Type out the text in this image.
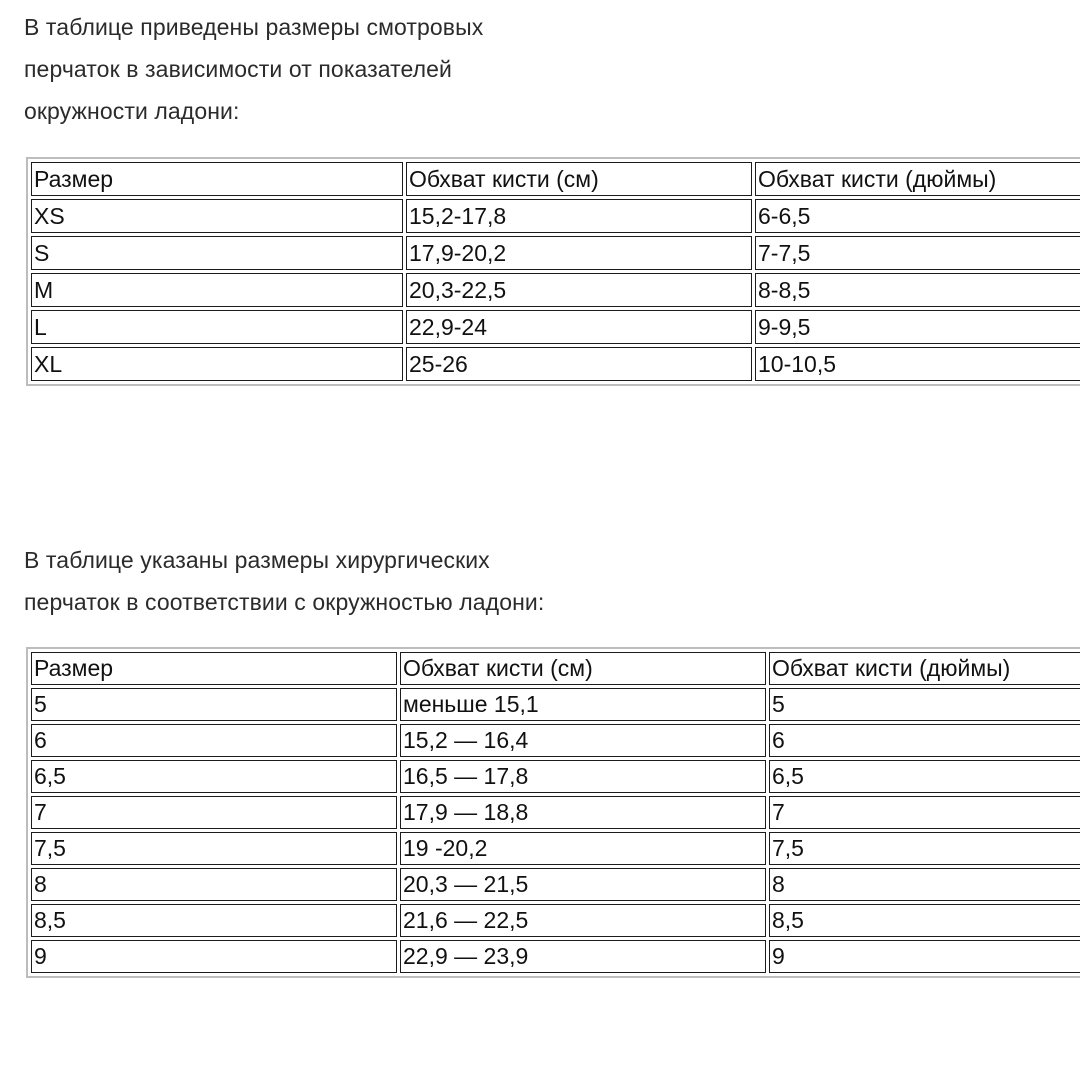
В таблице приведены размеры смотровых
перчаток в зависимости от показателей
окружности ладони:

Размер	Обхват кисти (см)	Обхват кисти (дюймы)
XS	15,2-17,8	6-6,5
S	17,9-20,2	7-7,5
M	20,3-22,5	8-8,5
L	22,9-24	9-9,5
XL	25-26	10-10,5

В таблице указаны размеры хирургических
перчаток в соответствии с окружностью ладони:

Размер	Обхват кисти (см)	Обхват кисти (дюймы)
5	меньше 15,1	5
6	15,2 — 16,4	6
6,5	16,5 — 17,8	6,5
7	17,9 — 18,8	7
7,5	19 -20,2	7,5
8	20,3 — 21,5	8
8,5	21,6 — 22,5	8,5
9	22,9 — 23,9	9
